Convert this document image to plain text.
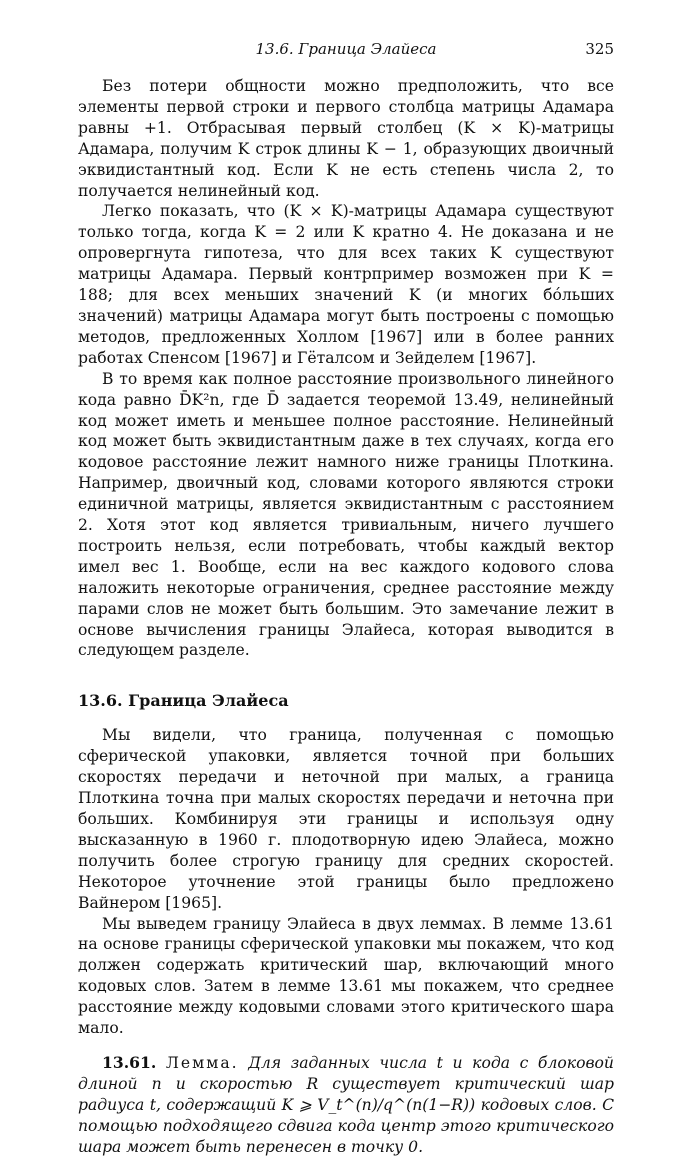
13.6. Граница Элайеса	325

Без потери общности можно предположить, что все элементы первой строки и первого столбца матрицы Адамара равны +1. Отбрасывая первый столбец (K × K)-матрицы Адамара, получим K строк длины K − 1, образующих двоичный эквидистантный код. Если K не есть степень числа 2, то получается нелинейный код.

Легко показать, что (K × K)-матрицы Адамара существуют только тогда, когда K = 2 или K кратно 4. Не доказана и не опровергнута гипотеза, что для всех таких K существуют матрицы Адамара. Первый контрпример возможен при K = 188; для всех меньших значений K (и многих бо́льших значений) матрицы Адамара могут быть построены с помощью методов, предложенных Холлом [1967] или в более ранних работах Спенсом [1967] и Гёталсом и Зейделем [1967].

В то время как полное расстояние произвольного линейного кода равно D̄K²n, где D̄ задается теоремой 13.49, нелинейный код может иметь и меньшее полное расстояние. Нелинейный код может быть эквидистантным даже в тех случаях, когда его кодовое расстояние лежит намного ниже границы Плоткина. Например, двоичный код, словами которого являются строки единичной матрицы, является эквидистантным с расстоянием 2. Хотя этот код является тривиальным, ничего лучшего построить нельзя, если потребовать, чтобы каждый вектор имел вес 1. Вообще, если на вес каждого кодового слова наложить некоторые ограничения, среднее расстояние между парами слов не может быть большим. Это замечание лежит в основе вычисления границы Элайеса, которая выводится в следующем разделе.

13.6. Граница Элайеса

Мы видели, что граница, полученная с помощью сферической упаковки, является точной при больших скоростях передачи и неточной при малых, а граница Плоткина точна при малых скоростях передачи и неточна при больших. Комбинируя эти границы и используя одну высказанную в 1960 г. плодотворную идею Элайеса, можно получить более строгую границу для средних скоростей. Некоторое уточнение этой границы было предложено Вайнером [1965].

Мы выведем границу Элайеса в двух леммах. В лемме 13.61 на основе границы сферической упаковки мы покажем, что код должен содержать критический шар, включающий много кодовых слов. Затем в лемме 13.61 мы покажем, что среднее расстояние между кодовыми словами этого критического шара мало.

13.61. Лемма. Для заданных числа t и кода с блоковой длиной n и скоростью R существует критический шар радиуса t, содержащий K ⩾ V_t^(n)/q^(n(1−R)) кодовых слов. С помощью подходящего сдвига кода центр этого критического шара может быть перенесен в точку 0.
